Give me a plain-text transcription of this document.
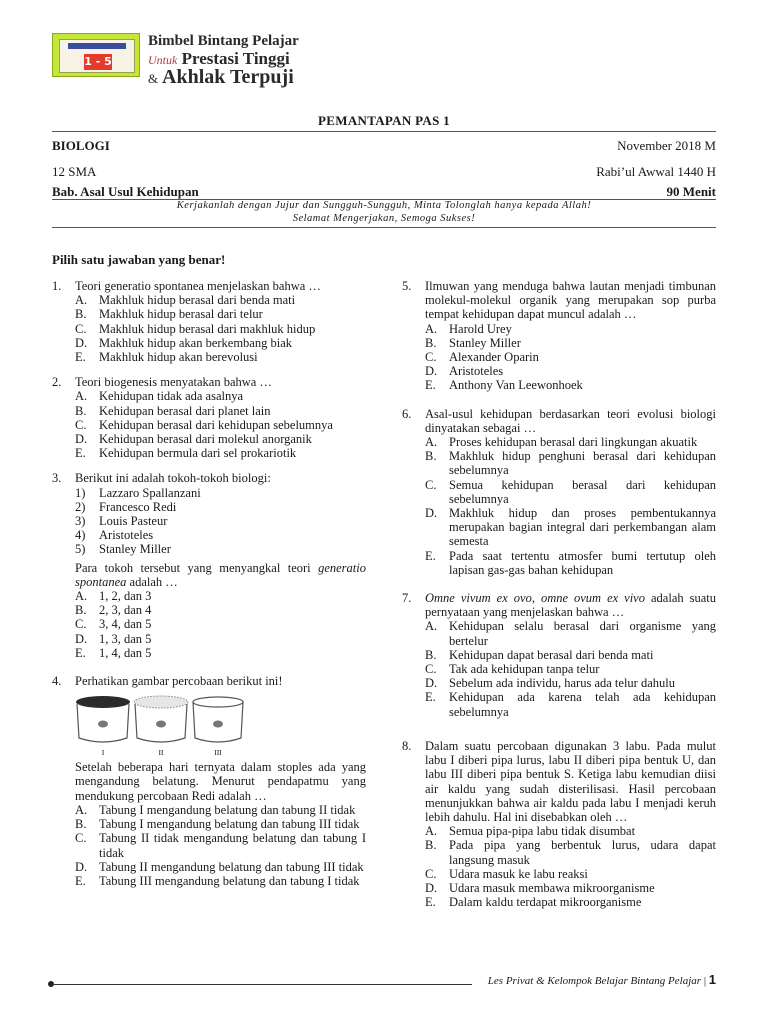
1 - 5
Bimbel Bintang Pelajar
Untuk Prestasi Tinggi
& Akhlak Terpuji
PEMANTAPAN PAS 1
BIOLOGI	November 2018 M
12 SMA	Rabi’ul Awwal 1440 H
Bab. Asal Usul Kehidupan	90 Menit
Kerjakanlah dengan Jujur dan Sungguh-Sungguh, Minta Tolonglah hanya kepada Allah!
Selamat Mengerjakan, Semoga Sukses!
Pilih satu jawaban yang benar!
1. Teori generatio spontanea menjelaskan bahwa …
A. Makhluk hidup berasal dari benda mati
B. Makhluk hidup berasal dari telur
C. Makhluk hidup berasal dari makhluk hidup
D. Makhluk hidup akan berkembang biak
E. Makhluk hidup akan berevolusi
2. Teori biogenesis menyatakan bahwa …
A. Kehidupan tidak ada asalnya
B. Kehidupan berasal dari planet lain
C. Kehidupan berasal dari kehidupan sebelumnya
D. Kehidupan berasal dari molekul anorganik
E. Kehidupan bermula dari sel prokariotik
3. Berikut ini adalah tokoh-tokoh biologi:
1) Lazzaro Spallanzani
2) Francesco Redi
3) Louis Pasteur
4) Aristoteles
5) Stanley Miller
Para tokoh tersebut yang menyangkal teori generatio spontanea adalah …
A. 1, 2, dan 3
B. 2, 3, dan 4
C. 3, 4, dan 5
D. 1, 3, dan 5
E. 1, 4, dan 5
4. Perhatikan gambar percobaan berikut ini!
I	II	III
Setelah beberapa hari ternyata dalam stoples ada yang mengandung belatung. Menurut pendapatmu yang mendukung percobaan Redi adalah …
A. Tabung I mengandung belatung dan tabung II tidak
B. Tabung I mengandung belatung dan tabung III tidak
C. Tabung II tidak mengandung belatung dan tabung I tidak
D. Tabung II mengandung belatung dan tabung III tidak
E. Tabung III mengandung belatung dan tabung I tidak
5. Ilmuwan yang menduga bahwa lautan menjadi timbunan molekul-molekul organik yang merupakan sop purba tempat kehidupan dapat muncul adalah …
A. Harold Urey
B. Stanley Miller
C. Alexander Oparin
D. Aristoteles
E. Anthony Van Leewonhoek
6. Asal-usul kehidupan berdasarkan teori evolusi biologi dinyatakan sebagai …
A. Proses kehidupan berasal dari lingkungan akuatik
B. Makhluk hidup penghuni berasal dari kehidupan sebelumnya
C. Semua kehidupan berasal dari kehidupan sebelumnya
D. Makhluk hidup dan proses pembentukannya merupakan bagian integral dari perkembangan alam semesta
E. Pada saat tertentu atmosfer bumi tertutup oleh lapisan gas-gas bahan kehidupan
7. Omne vivum ex ovo, omne ovum ex vivo adalah suatu pernyataan yang menjelaskan bahwa …
A. Kehidupan selalu berasal dari organisme yang bertelur
B. Kehidupan dapat berasal dari benda mati
C. Tak ada kehidupan tanpa telur
D. Sebelum ada individu, harus ada telur dahulu
E. Kehidupan ada karena telah ada kehidupan sebelumnya
8. Dalam suatu percobaan digunakan 3 labu. Pada mulut labu I diberi pipa lurus, labu II diberi pipa bentuk U, dan labu III diberi pipa bentuk S. Ketiga labu kemudian diisi air kaldu yang sudah disterilisasi. Hasil percobaan menunjukkan bahwa air kaldu pada labu I menjadi keruh lebih dahulu. Hal ini disebabkan oleh …
A. Semua pipa-pipa labu tidak disumbat
B. Pada pipa yang berbentuk lurus, udara dapat langsung masuk
C. Udara masuk ke labu reaksi
D. Udara masuk membawa mikroorganisme
E. Dalam kaldu terdapat mikroorganisme
Les Privat & Kelompok Belajar Bintang Pelajar | 1
